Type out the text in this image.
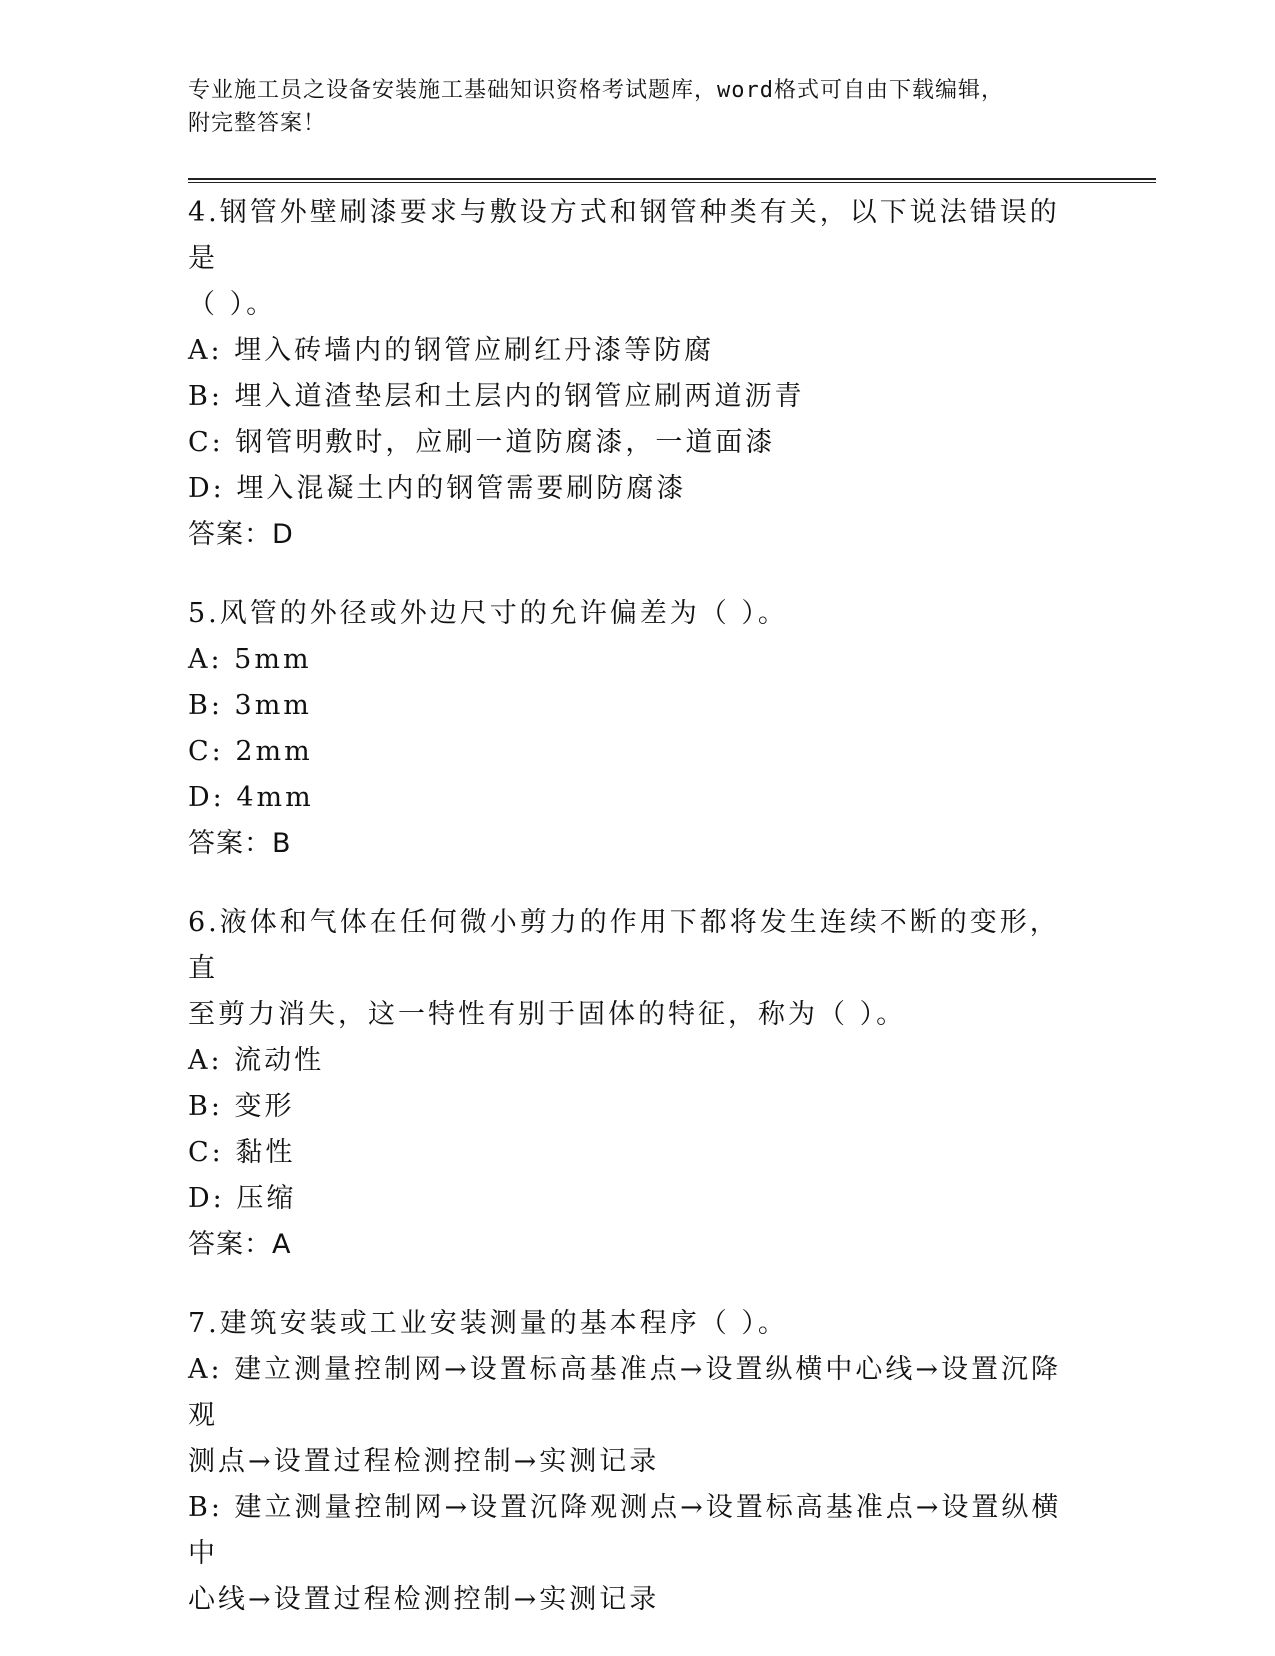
专业施工员之设备安装施工基础知识资格考试题库，word格式可自由下载编辑，
附完整答案！
4.钢管外壁刷漆要求与敷设方式和钢管种类有关，以下说法错误的是
（ ）。
A: 埋入砖墙内的钢管应刷红丹漆等防腐
B: 埋入道渣垫层和土层内的钢管应刷两道沥青
C: 钢管明敷时，应刷一道防腐漆，一道面漆
D: 埋入混凝土内的钢管需要刷防腐漆
答案：D
5.风管的外径或外边尺寸的允许偏差为（ ）。
A: 5mm
B: 3mm
C: 2mm
D: 4mm
答案：B
6.液体和气体在任何微小剪力的作用下都将发生连续不断的变形，直
至剪力消失，这一特性有别于固体的特征，称为（ ）。
A: 流动性
B: 变形
C: 黏性
D: 压缩
答案：A
7.建筑安装或工业安装测量的基本程序（ ）。
A: 建立测量控制网→设置标高基准点→设置纵横中心线→设置沉降观
测点→设置过程检测控制→实测记录
B: 建立测量控制网→设置沉降观测点→设置标高基准点→设置纵横中
心线→设置过程检测控制→实测记录
